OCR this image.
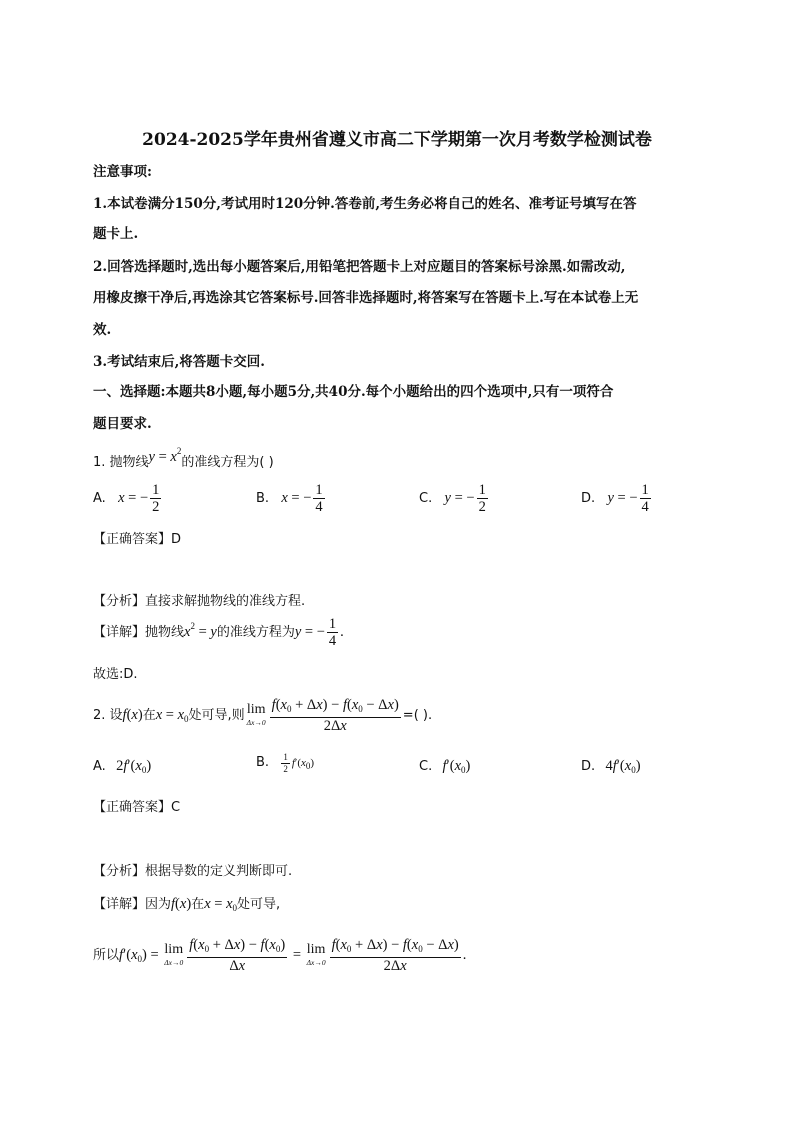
2024-2025学年贵州省遵义市高二下学期第一次月考数学检测试卷
注意事项:
1.本试卷满分150分,考试用时120分钟.答卷前,考生务必将自己的姓名、准考证号填写在答
题卡上.
2.回答选择题时,选出每小题答案后,用铅笔把答题卡上对应题目的答案标号涂黑.如需改动,
用橡皮擦干净后,再选涂其它答案标号.回答非选择题时,将答案写在答题卡上.写在本试卷上无
效.
3.考试结束后,将答题卡交回.
一、选择题:本题共8小题,每小题5分,共40分.每个小题给出的四个选项中,只有一项符合
题目要求.
1. 抛物线$y = x^2$的准线方程为( )
A. x = − $\frac{1}{2}$	B. x = − $\frac{1}{4}$	C. y = − $\frac{1}{2}$	D. y = − $\frac{1}{4}$
【正确答案】D
【分析】直接求解抛物线的准线方程.
【详解】抛物线$x^2 = y$的准线方程为y = − $\frac{1}{4}$ .
故选:D.
2. 设f(x)在$x = x_0$处可导,则 lim
$\Delta x\to 0 \frac{f(x_0 + \Delta x) - f(x_0 - \Delta x)}{2\Delta x}$ =( ).
A. $2f'(x_0)$	B. $\frac{1}{2} f'(x_0)$	C. $f'(x_0)$	D. $4f'(x_0)$
【正确答案】C
【分析】根据导数的定义判断即可.
【详解】因为f(x)在$x = x_0$处可导,
所以$f'(x_0) = \lim$
$\Delta x\to 0 \frac{f(x_0 + \Delta x) - f(x_0)}{\Delta x} = \lim$
$\Delta x\to 0 \frac{f(x_0 + \Delta x) - f(x_0 - \Delta x)}{2\Delta x}$ .
